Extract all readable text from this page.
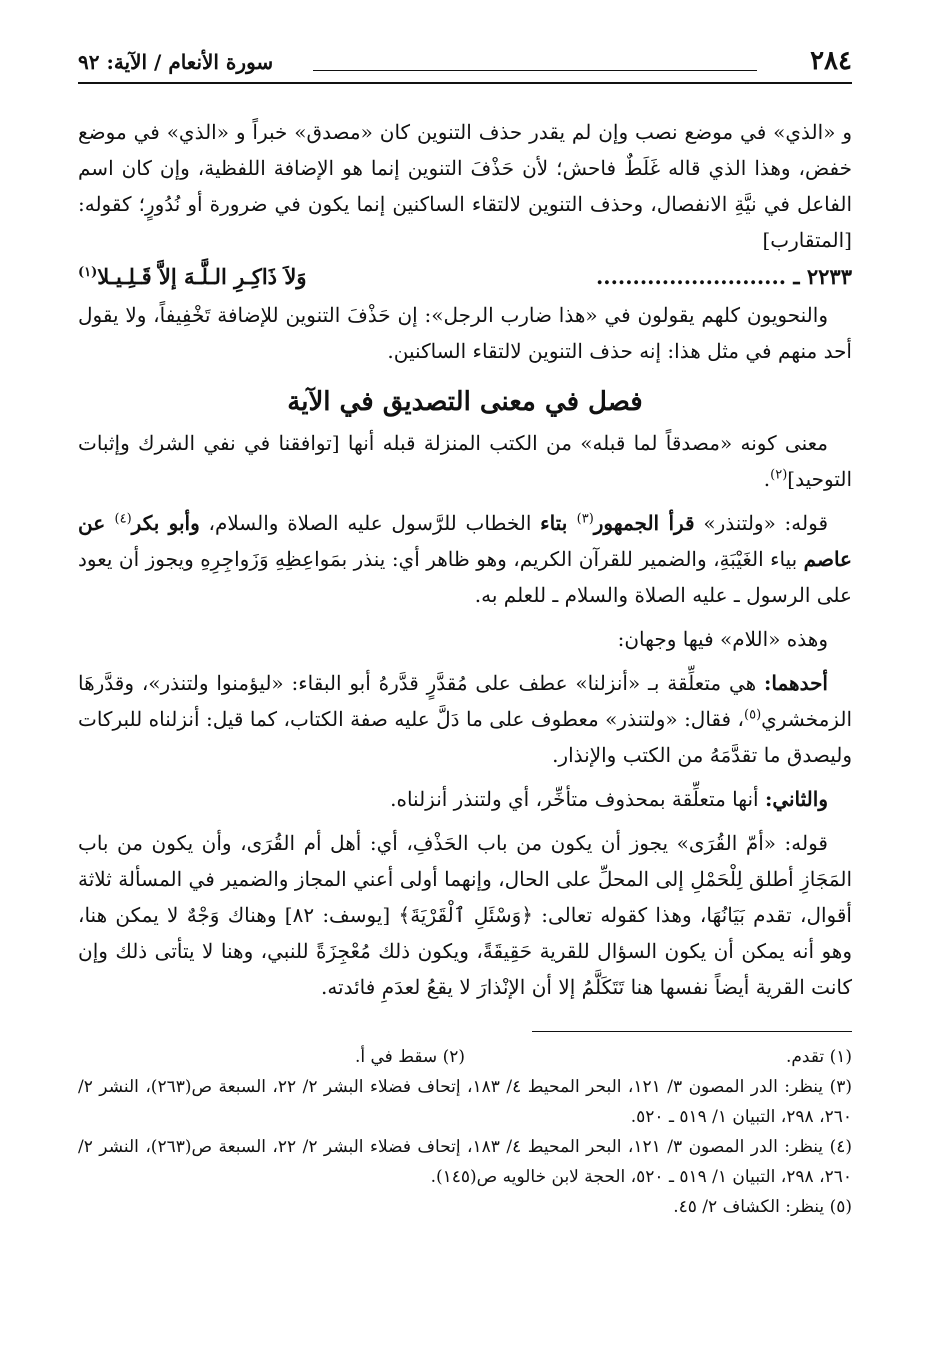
٢٨٤
سورة الأنعام / الآية: ٩٢

و «الذي» في موضع نصب وإن لم يقدر حذف التنوين كان «مصدق» خبراً و «الذي» في موضع خفض، وهذا الذي قاله غَلَطٌ فاحش؛ لأن حَذْفَ التنوين إنما هو الإضافة اللفظية، وإن كان اسم الفاعل في نيَّةِ الانفصال، وحذف التنوين لالتقاء الساكنين إنما يكون في ضرورة أو نُدُورٍ؛ كقوله: [المتقارب]

٢٢٣٣ ـ ..........................
وَلاَ ذَاكِـرِ الـلَّـهَ إلاَّ قَـلِـيـلا$^{(١)}$

والنحويون كلهم يقولون في «هذا ضارب الرجل»: إن حَذْفَ التنوين للإضافة تَخْفِيفاً، ولا يقول أحد منهم في مثل هذا: إنه حذف التنوين لالتقاء الساكنين.

فصل في معنى التصديق في الآية

معنى كونه «مصدقاً لما قبله» من الكتب المنزلة قبله أنها [توافقنا في نفي الشرك وإثبات التوحيد]$^{(٢)}$.

قوله: «ولتنذر» قرأ الجمهور$^{(٣)}$ بتاء الخطاب للرَّسول عليه الصلاة والسلام، وأبو بكر$^{(٤)}$ عن عاصم بياء الغَيْبَةِ، والضمير للقرآن الكريم، وهو ظاهر أي: ينذر بمَواعِظِهِ وَزَواجِرِهِ ويجوز أن يعود على الرسول ـ عليه الصلاة والسلام ـ للعلم به.

وهذه «اللام» فيها وجهان:

أحدهما: هي متعلِّقة بـ «أنزلنا» عطف على مُقدَّرٍ قدَّرهُ أبو البقاء: «ليؤمنوا ولتنذر»، وقدَّرهَا الزمخشري$^{(٥)}$، فقال: «ولتنذر» معطوف على ما دَلَّ عليه صفة الكتاب، كما قيل: أنزلناه للبركات وليصدق ما تقدَّمَهُ من الكتب والإنذار.

والثاني: أنها متعلِّقة بمحذوف متأخِّر، أي ولتنذر أنزلناه.

قوله: «أمّ القُرَى» يجوز أن يكون من باب الحَذْفِ، أي: أهل أم القُرَى، وأن يكون من باب المَجَازِ أطلق لِلْحَمْلِ إلى المحلِّ على الحال، وإنهما أولى أعني المجاز والضمير في المسألة ثلاثة أقوال، تقدم بَيَانُهَا، وهذا كقوله تعالى: ﴿وَسْئَلِ ٱلْقَرْيَةَ﴾ [يوسف: ٨٢] وهناك وَجْهٌ لا يمكن هنا، وهو أنه يمكن أن يكون السؤال للقرية حَقِيقَةً، ويكون ذلك مُعْجِزَةً للنبي، وهنا لا يتأتى ذلك وإن كانت القرية أيضاً نفسها هنا تَتَكَلَّمُ إلا أن الإنْذارَ لا يقعُ لعدَمِ فائدته.

(١) تقدم.
(٢) سقط في أ.

(٣) ينظر: الدر المصون ٣/ ١٢١، البحر المحيط ٤/ ١٨٣، إتحاف فضلاء البشر ٢/ ٢٢، السبعة ص(٢٦٣)، النشر ٢/ ٢٦٠، ٢٩٨، التبيان ١/ ٥١٩ ـ ٥٢٠.

(٤) ينظر: الدر المصون ٣/ ١٢١، البحر المحيط ٤/ ١٨٣، إتحاف فضلاء البشر ٢/ ٢٢، السبعة ص(٢٦٣)، النشر ٢/ ٢٦٠، ٢٩٨، التبيان ١/ ٥١٩ ـ ٥٢٠، الحجة لابن خالويه ص(١٤٥).

(٥) ينظر: الكشاف ٢/ ٤٥.
